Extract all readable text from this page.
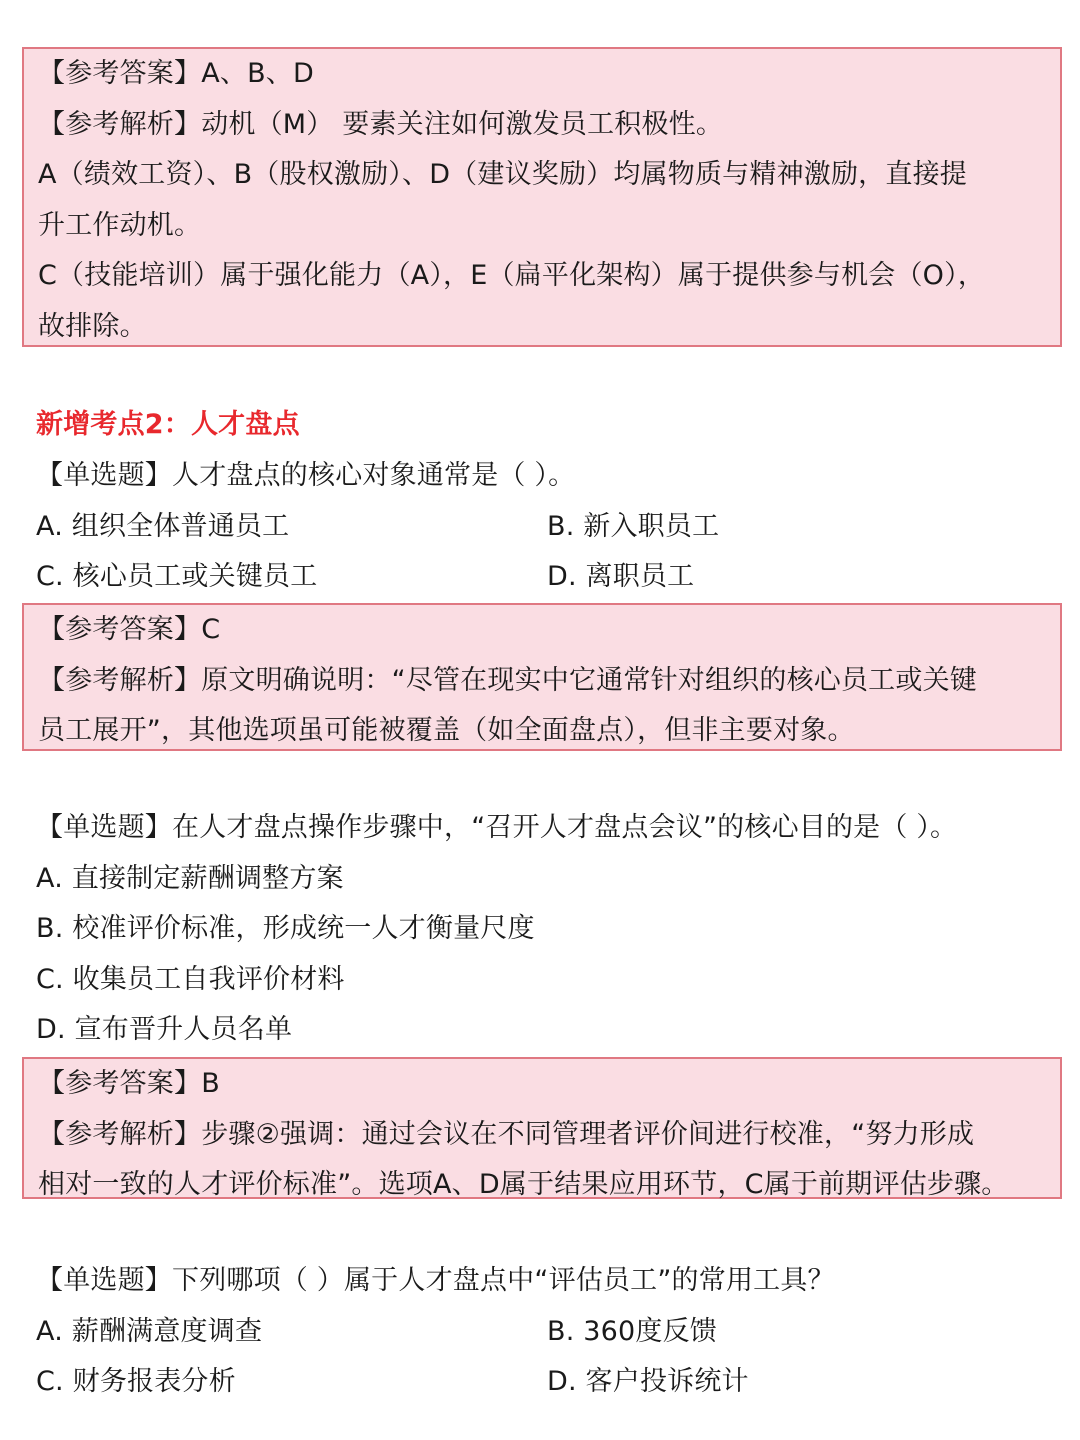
【参考答案】A、B、D
【参考解析】动机（M） 要素关注如何激发员工积极性。
A（绩效工资）、B（股权激励）、D（建议奖励）均属物质与精神激励，直接提
升工作动机。
C（技能培训）属于强化能力（A），E（扁平化架构）属于提供参与机会（O），
故排除。
新增考点2：人才盘点
【单选题】人才盘点的核心对象通常是（ ）。
A. 组织全体普通员工	B. 新入职员工
C. 核心员工或关键员工	D. 离职员工
【参考答案】C
【参考解析】原文明确说明：“尽管在现实中它通常针对组织的核心员工或关键
员工展开”，其他选项虽可能被覆盖（如全面盘点），但非主要对象。
【单选题】在人才盘点操作步骤中，“召开人才盘点会议”的核心目的是（ ）。
A. 直接制定薪酬调整方案
B. 校准评价标准，形成统一人才衡量尺度
C. 收集员工自我评价材料
D. 宣布晋升人员名单
【参考答案】B
【参考解析】步骤②强调：通过会议在不同管理者评价间进行校准，“努力形成
相对一致的人才评价标准”。选项A、D属于结果应用环节，C属于前期评估步骤。
【单选题】下列哪项（ ）属于人才盘点中“评估员工”的常用工具？
A. 薪酬满意度调查	B. 360度反馈
C. 财务报表分析	D. 客户投诉统计
